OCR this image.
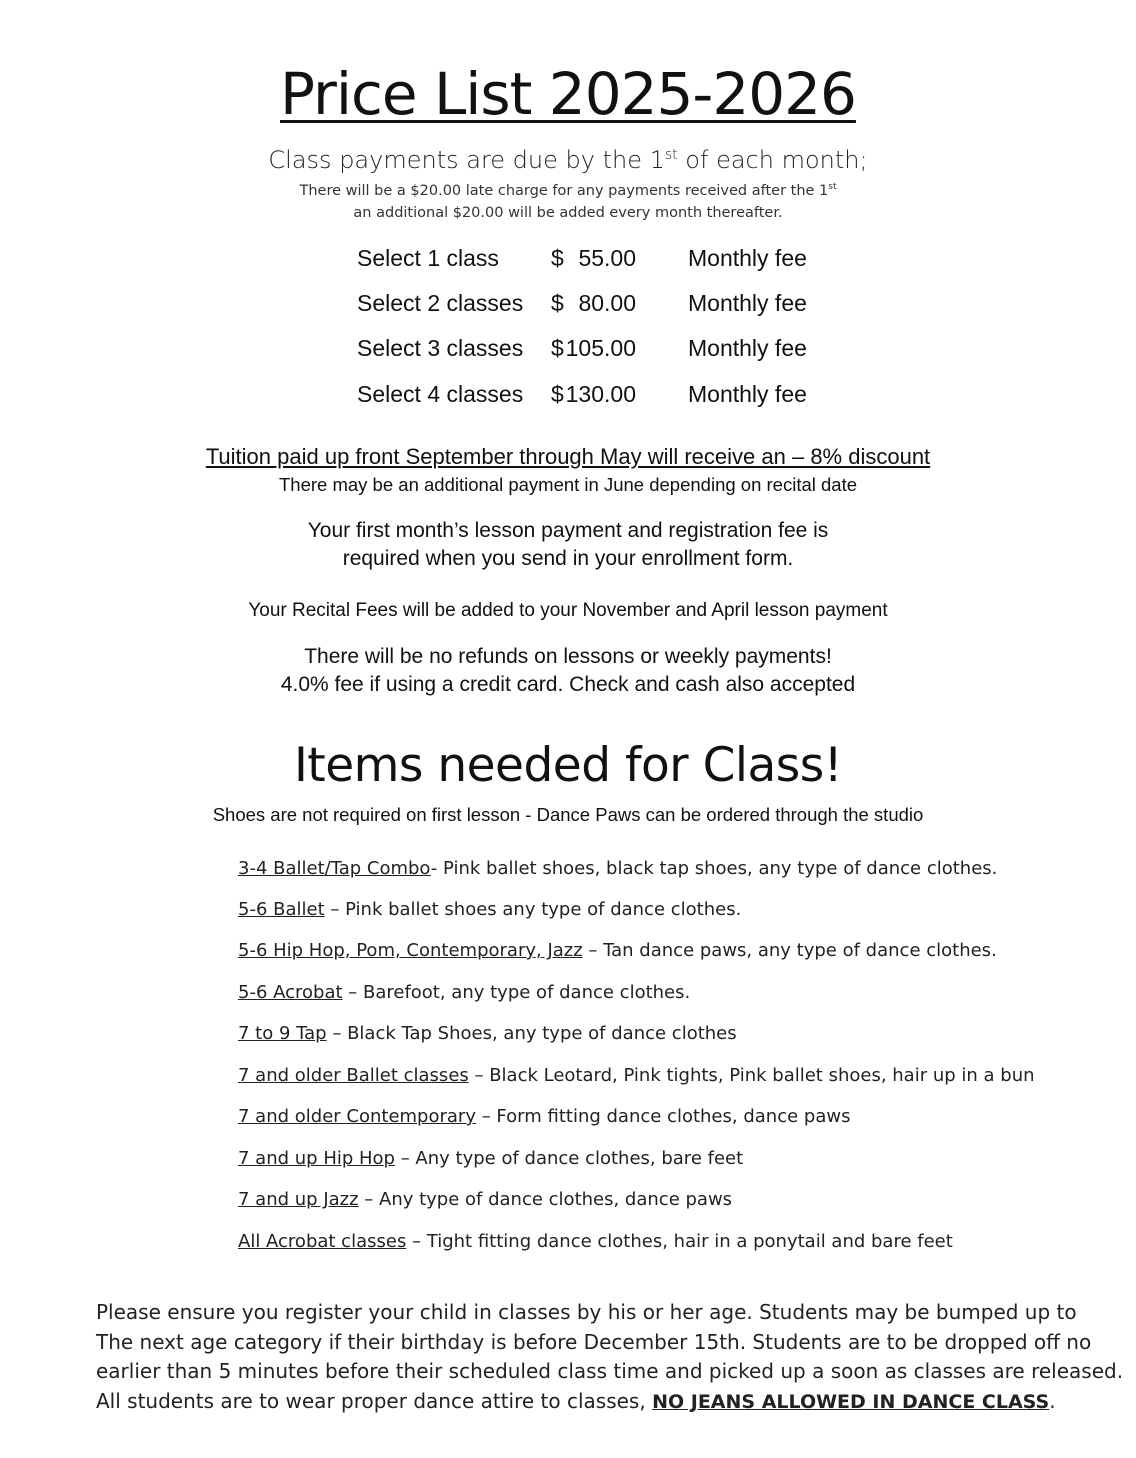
Price List 2025-2026
Class payments are due by the 1st of each month;
There will be a $20.00 late charge for any payments received after the 1st
an additional $20.00 will be added every month thereafter.
Select 1 class $ 55.00 Monthly fee
Select 2 classes $ 80.00 Monthly fee
Select 3 classes $ 105.00 Monthly fee
Select 4 classes $ 130.00 Monthly fee
Tuition paid up front September through May will receive an – 8% discount
There may be an additional payment in June depending on recital date
Your first month’s lesson payment and registration fee is
required when you send in your enrollment form.
Your Recital Fees will be added to your November and April lesson payment
There will be no refunds on lessons or weekly payments!
4.0% fee if using a credit card. Check and cash also accepted
Items needed for Class!
Shoes are not required on first lesson - Dance Paws can be ordered through the studio
3-4 Ballet/Tap Combo- Pink ballet shoes, black tap shoes, any type of dance clothes.
5-6 Ballet – Pink ballet shoes any type of dance clothes.
5-6 Hip Hop, Pom, Contemporary, Jazz – Tan dance paws, any type of dance clothes.
5-6 Acrobat – Barefoot, any type of dance clothes.
7 to 9 Tap – Black Tap Shoes, any type of dance clothes
7 and older Ballet classes – Black Leotard, Pink tights, Pink ballet shoes, hair up in a bun
7 and older Contemporary – Form fitting dance clothes, dance paws
7 and up Hip Hop – Any type of dance clothes, bare feet
7 and up Jazz – Any type of dance clothes, dance paws
All Acrobat classes – Tight fitting dance clothes, hair in a ponytail and bare feet
Please ensure you register your child in classes by his or her age. Students may be bumped up to
The next age category if their birthday is before December 15th. Students are to be dropped off no
earlier than 5 minutes before their scheduled class time and picked up a soon as classes are released.
All students are to wear proper dance attire to classes, NO JEANS ALLOWED IN DANCE CLASS.
